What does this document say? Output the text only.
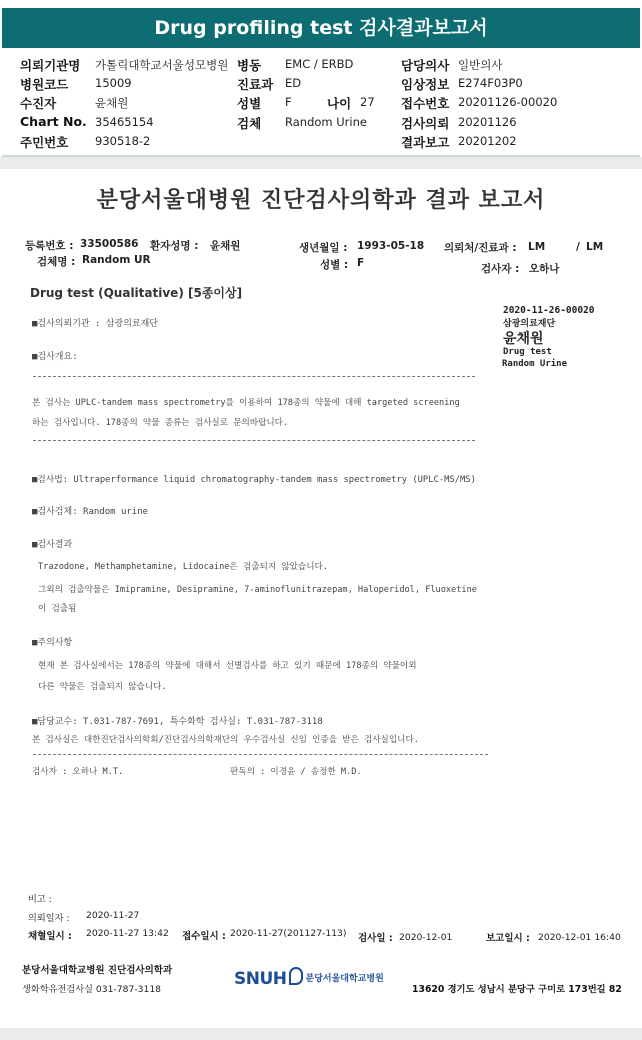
Drug profiling test 검사결과보고서
의뢰기관명 가톨릭대학교서울성모병원
병원코드 15009
수진자	윤채원
Chart No. 35465154
주민번호 930518-2
병동 EMC / ERBD
진료과 ED
성별 F	나이 27
검체 Random Urine
담당의사 일반의사
임상정보 E274F03P0
접수번호 20201126-00020
검사의뢰 20201126
결과보고 20201202
분당서울대병원 진단검사의학과 결과 보고서
등록번호 : 33500586 환자성명 : 윤채원	생년월일 : 1993-05-18 의뢰처/진료과 : LM	/ LM
검체명 : Random UR	성별 : F	검사자 : 오하나
Drug test (Qualitative) [5종이상]
2020-11-26-00020
삼광의료재단
윤채원
Drug test
Random Urine
■검사의뢰기관 : 삼광의료재단
■검사개요:
본 검사는 UPLC-tandem mass spectrometry를 이용하여 178종의 약물에 대해 targeted screening
하는 검사입니다. 178종의 약물 종류는 검사실로 문의바랍니다.
■검사법: Ultraperformance liquid chromatography-tandem mass spectrometry (UPLC-MS/MS)
■검사검체: Random urine
■검사결과
Trazodone, Methamphetamine, Lidocaine은 검출되지 않았습니다.
그외의 검출약물은 Imipramine, Desipramine, 7-aminoflunitrazepam, Haloperidol, Fluoxetine
이 검출됨
■주의사항
현재 본 검사실에서는 178종의 약물에 대해서 선별검사를 하고 있기 때문에 178종의 약물이외
다른 약물은 검출되지 않습니다.
■담당교수: T.031-787-7691, 특수화학 검사실: T.031-787-3118
본 검사실은 대한진단검사의학회/진단검사의학재단의 우수검사실 신임 인증을 받은 검사실입니다.
검사자 : 오하나 M.T.	판독의 : 이경윤 / 송정한 M.D.
비고 :
의뢰일자 : 2020-11-27
채혈일시 : 2020-11-27 13:42 접수일시 : 2020-11-27(201127-113) 검사일 : 2020-12-01	보고일시 : 2020-12-01 16:40
분당서울대학교병원 진단검사의학과
생화학유전검사실 031-787-3118
SNUH 분당서울대학교병원
13620 경기도 성남시 분당구 구미로 173번길 82
